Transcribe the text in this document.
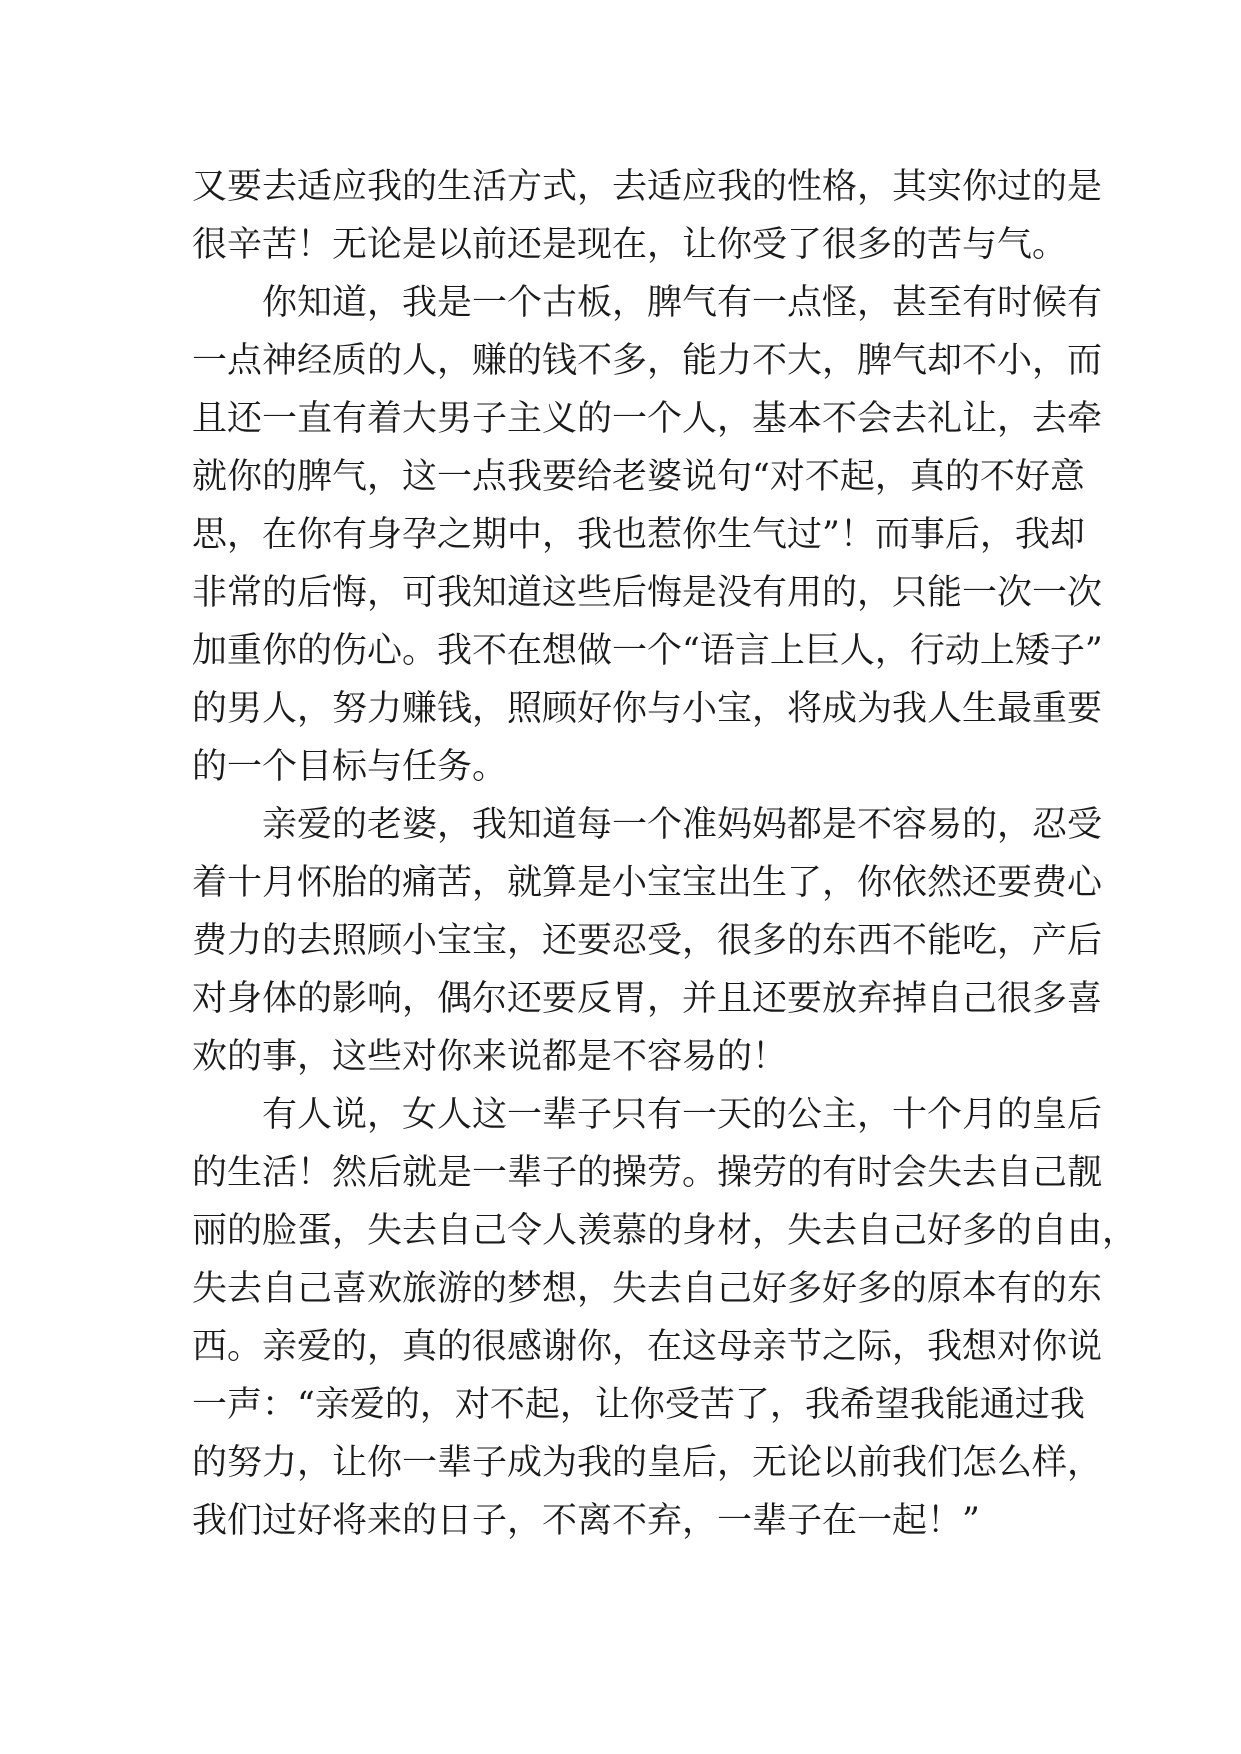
又要去适应我的生活方式，去适应我的性格，其实你过的是

很辛苦！无论是以前还是现在，让你受了很多的苦与气。

你知道，我是一个古板，脾气有一点怪，甚至有时候有

一点神经质的人，赚的钱不多，能力不大，脾气却不小，而

且还一直有着大男子主义的一个人，基本不会去礼让，去牵

就你的脾气，这一点我要给老婆说句“对不起，真的不好意

思，在你有身孕之期中，我也惹你生气过”！而事后，我却

非常的后悔，可我知道这些后悔是没有用的，只能一次一次

加重你的伤心。我不在想做一个“语言上巨人，行动上矮子”

的男人，努力赚钱，照顾好你与小宝，将成为我人生最重要

的一个目标与任务。

亲爱的老婆，我知道每一个准妈妈都是不容易的，忍受

着十月怀胎的痛苦，就算是小宝宝出生了，你依然还要费心

费力的去照顾小宝宝，还要忍受，很多的东西不能吃，产后

对身体的影响，偶尔还要反胃，并且还要放弃掉自己很多喜

欢的事，这些对你来说都是不容易的！

有人说，女人这一辈子只有一天的公主，十个月的皇后

的生活！然后就是一辈子的操劳。操劳的有时会失去自己靓

丽的脸蛋，失去自己令人羡慕的身材，失去自己好多的自由，

失去自己喜欢旅游的梦想，失去自己好多好多的原本有的东

西。亲爱的，真的很感谢你，在这母亲节之际，我想对你说

一声：“亲爱的，对不起，让你受苦了，我希望我能通过我

的努力，让你一辈子成为我的皇后，无论以前我们怎么样，

我们过好将来的日子，不离不弃，一辈子在一起！”
